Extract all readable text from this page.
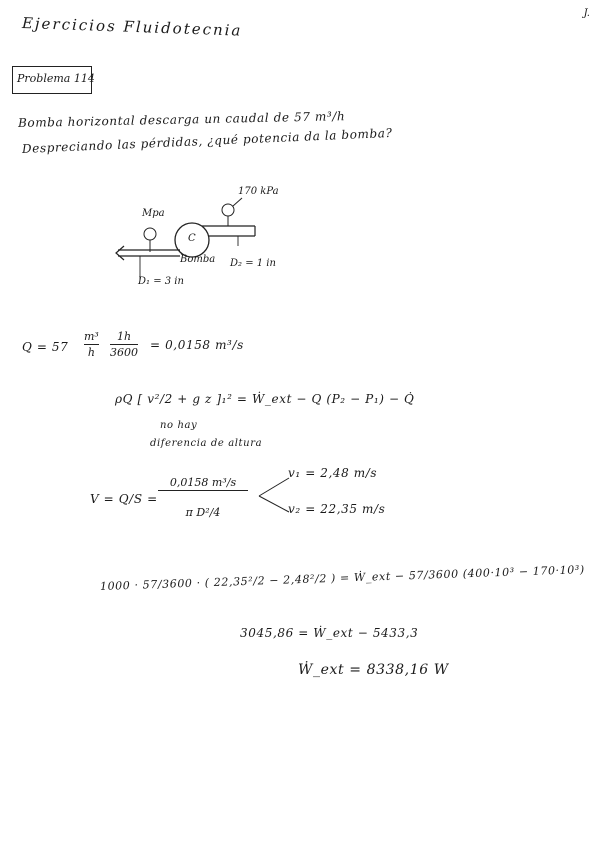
Ejercicios Fluidotecnia
J.
Problema 114
Bomba horizontal descarga un caudal de 57 m³/h
Despreciando las pérdidas, ¿qué potencia da la bomba?
Mpa
170 kPa
C
Bomba D₂ = 1 in
D₁ = 3 in
Q = 57
m³
h
1h
3600
= 0,0158 m³/s
ρQ [ v²/2 + g z ]₁² = Ẇ_ext − Q (P₂ − P₁) − Q̇
no hay
diferencia de altura
V = Q/S =
0,0158 m³/s
π D²/4
v₁ = 2,48 m/s
v₂ = 22,35 m/s
1000 · 57/3600 · ( 22,35²/2 − 2,48²/2 ) = Ẇ_ext − 57/3600 (400·10³ − 170·10³)
3045,86 = Ẇ_ext − 5433,3
Ẇ_ext = 8338,16 W
